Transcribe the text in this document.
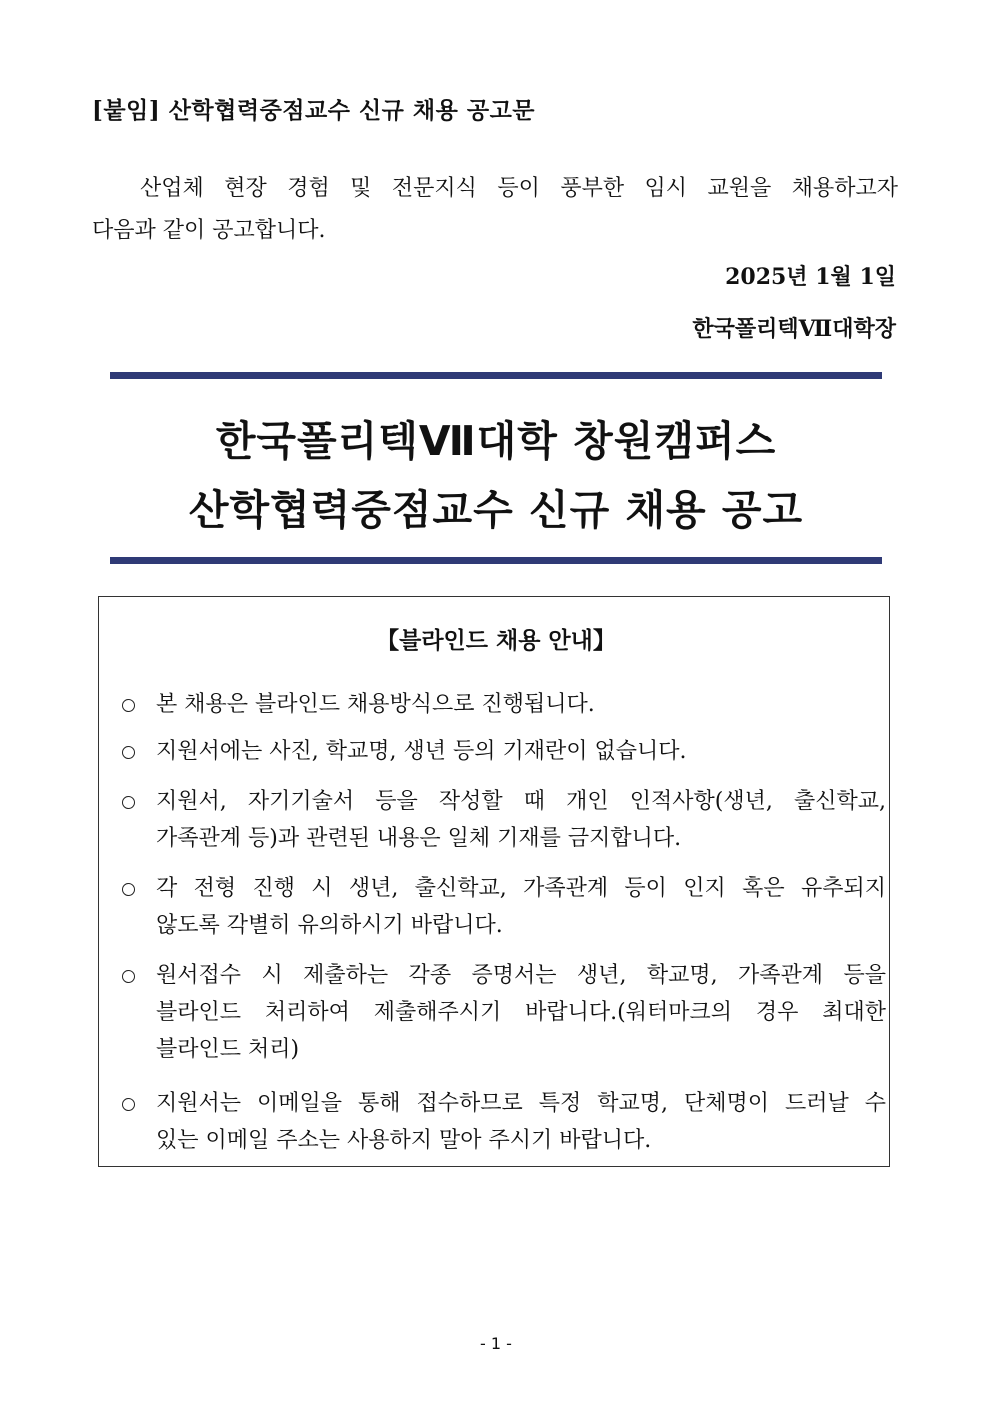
[붙임] 산학협력중점교수 신규 채용 공고문
산업체 현장 경험 및 전문지식 등이 풍부한 임시 교원을 채용하고자
다음과 같이 공고합니다.
2025년 1월 1일
한국폴리텍Ⅶ대학장
한국폴리텍Ⅶ대학 창원캠퍼스
산학협력중점교수 신규 채용 공고
【블라인드 채용 안내】
본 채용은 블라인드 채용방식으로 진행됩니다.
지원서에는 사진, 학교명, 생년 등의 기재란이 없습니다.
지원서, 자기기술서 등을 작성할 때 개인 인적사항(생년, 출신학교,
가족관계 등)과 관련된 내용은 일체 기재를 금지합니다.
각 전형 진행 시 생년, 출신학교, 가족관계 등이 인지 혹은 유추되지
않도록 각별히 유의하시기 바랍니다.
원서접수 시 제출하는 각종 증명서는 생년, 학교명, 가족관계 등을
블라인드 처리하여 제출해주시기 바랍니다.(워터마크의 경우 최대한
블라인드 처리)
지원서는 이메일을 통해 접수하므로 특정 학교명, 단체명이 드러날 수
있는 이메일 주소는 사용하지 말아 주시기 바랍니다.
- 1 -
